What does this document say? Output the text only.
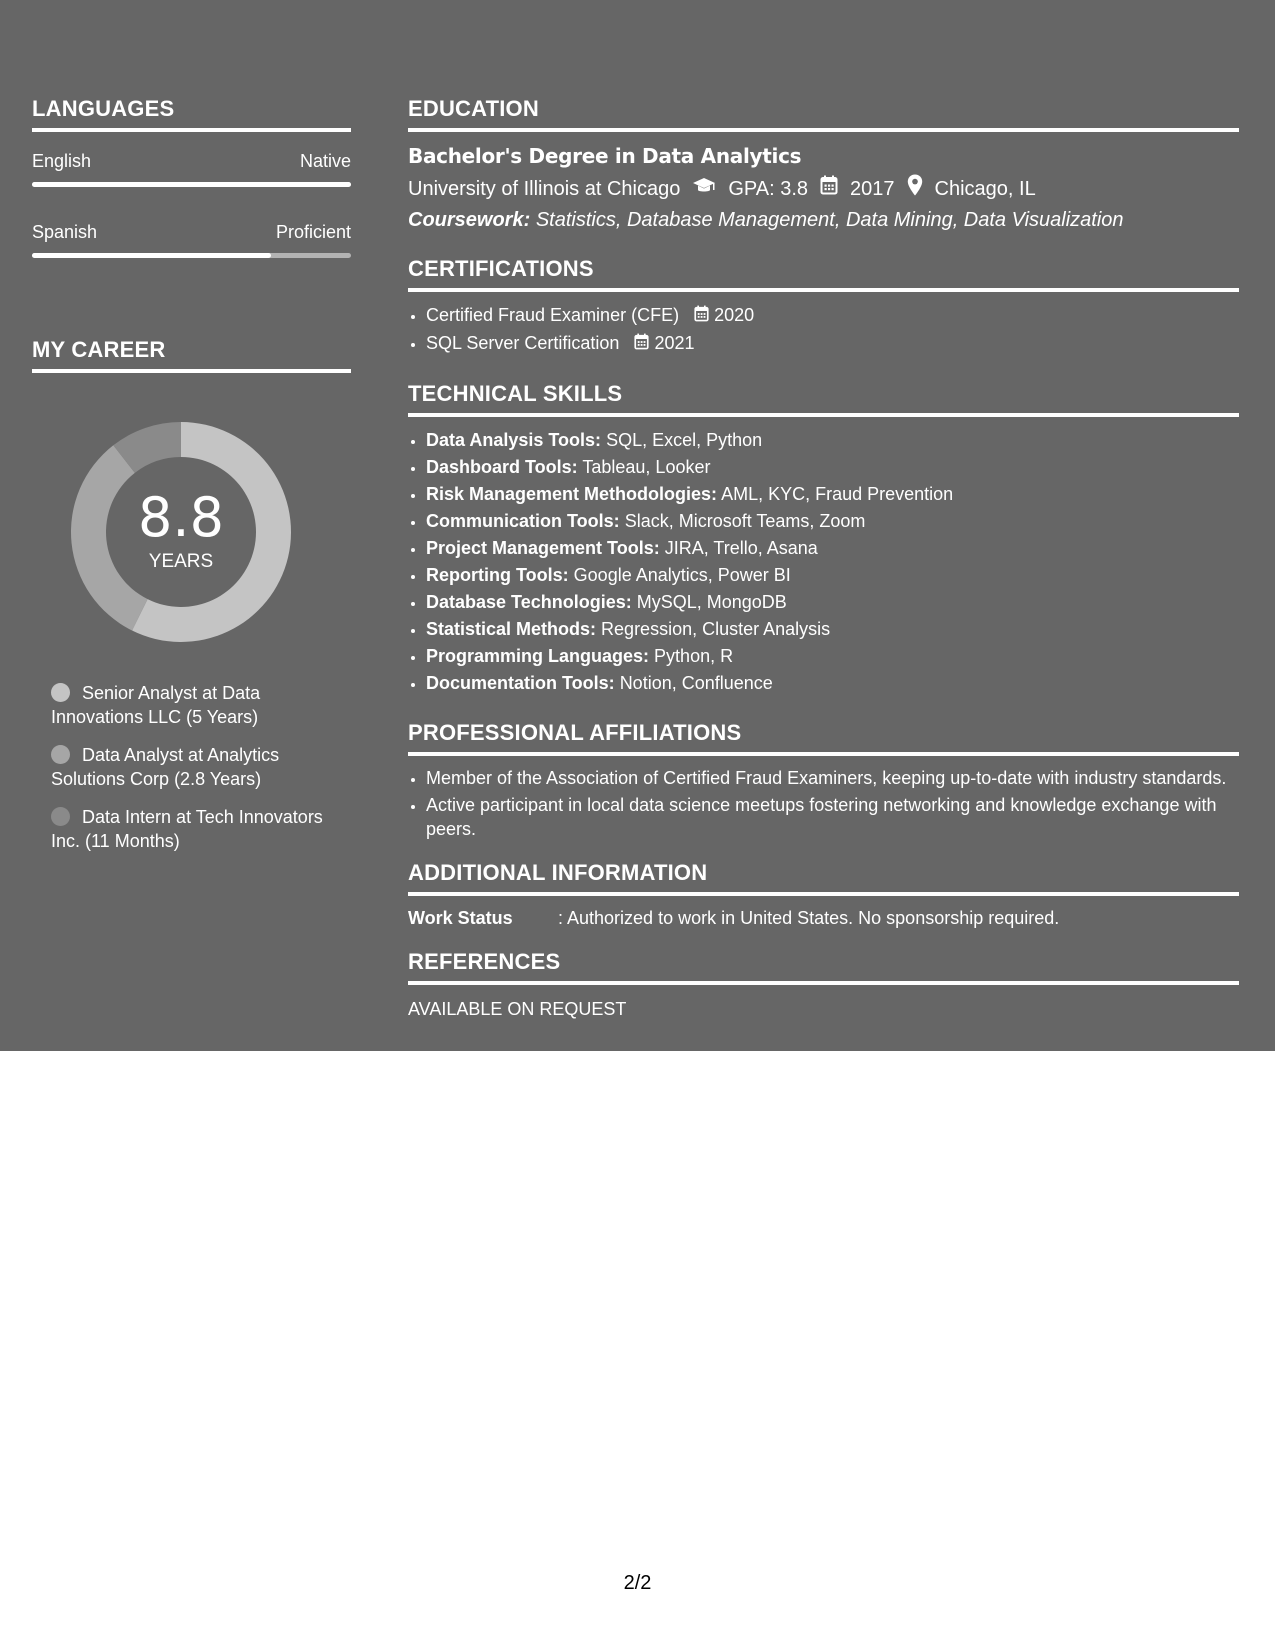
LANGUAGES
English	Native
Spanish	Proficient
MY CAREER
8.8
YEARS
Senior Analyst at Data Innovations LLC (5 Years)
Data Analyst at Analytics Solutions Corp (2.8 Years)
Data Intern at Tech Innovators Inc. (11 Months)
EDUCATION
Bachelor's Degree in Data Analytics
University of Illinois at Chicago GPA: 3.8 2017 Chicago, IL
Coursework: Statistics, Database Management, Data Mining, Data Visualization
CERTIFICATIONS
• Certified Fraud Examiner (CFE) 2020
• SQL Server Certification 2021
TECHNICAL SKILLS
• Data Analysis Tools: SQL, Excel, Python
• Dashboard Tools: Tableau, Looker
• Risk Management Methodologies: AML, KYC, Fraud Prevention
• Communication Tools: Slack, Microsoft Teams, Zoom
• Project Management Tools: JIRA, Trello, Asana
• Reporting Tools: Google Analytics, Power BI
• Database Technologies: MySQL, MongoDB
• Statistical Methods: Regression, Cluster Analysis
• Programming Languages: Python, R
• Documentation Tools: Notion, Confluence
PROFESSIONAL AFFILIATIONS
• Member of the Association of Certified Fraud Examiners, keeping up-to-date with industry standards.
• Active participant in local data science meetups fostering networking and knowledge exchange with peers.
ADDITIONAL INFORMATION
Work Status	: Authorized to work in United States. No sponsorship required.
REFERENCES
AVAILABLE ON REQUEST
2/2
